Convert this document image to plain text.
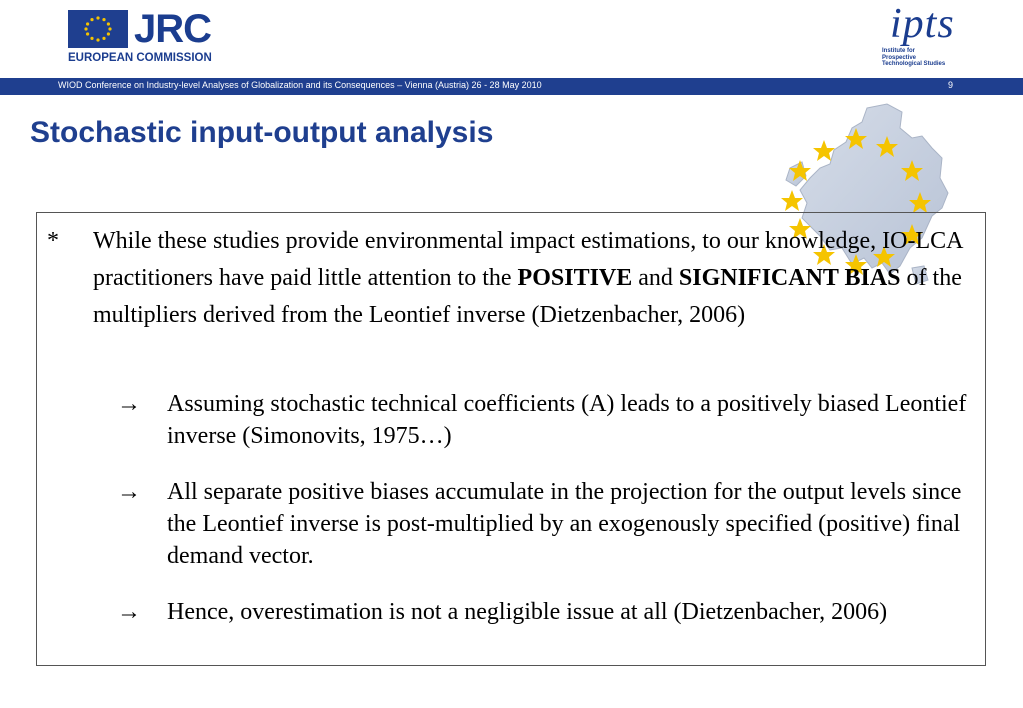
JRC
EUROPEAN COMMISSION
ipts
Institute for
Prospective
Technological Studies
WIOD Conference on Industry-level Analyses of Globalization and its Consequences – Vienna (Austria) 26 - 28 May 2010	9
Stochastic input-output analysis
* While these studies provide environmental impact estimations, to our knowledge, IO-LCA practitioners have paid little attention to the POSITIVE and SIGNIFICANT BIAS of the multipliers derived from the Leontief inverse (Dietzenbacher, 2006)
→ Assuming stochastic technical coefficients (A) leads to a positively biased Leontief inverse (Simonovits, 1975…)
→ All separate positive biases accumulate in the projection for the output levels since the Leontief inverse is post-multiplied by an exogenously specified (positive) final demand vector.
→ Hence, overestimation is not a negligible issue at all (Dietzenbacher, 2006)
